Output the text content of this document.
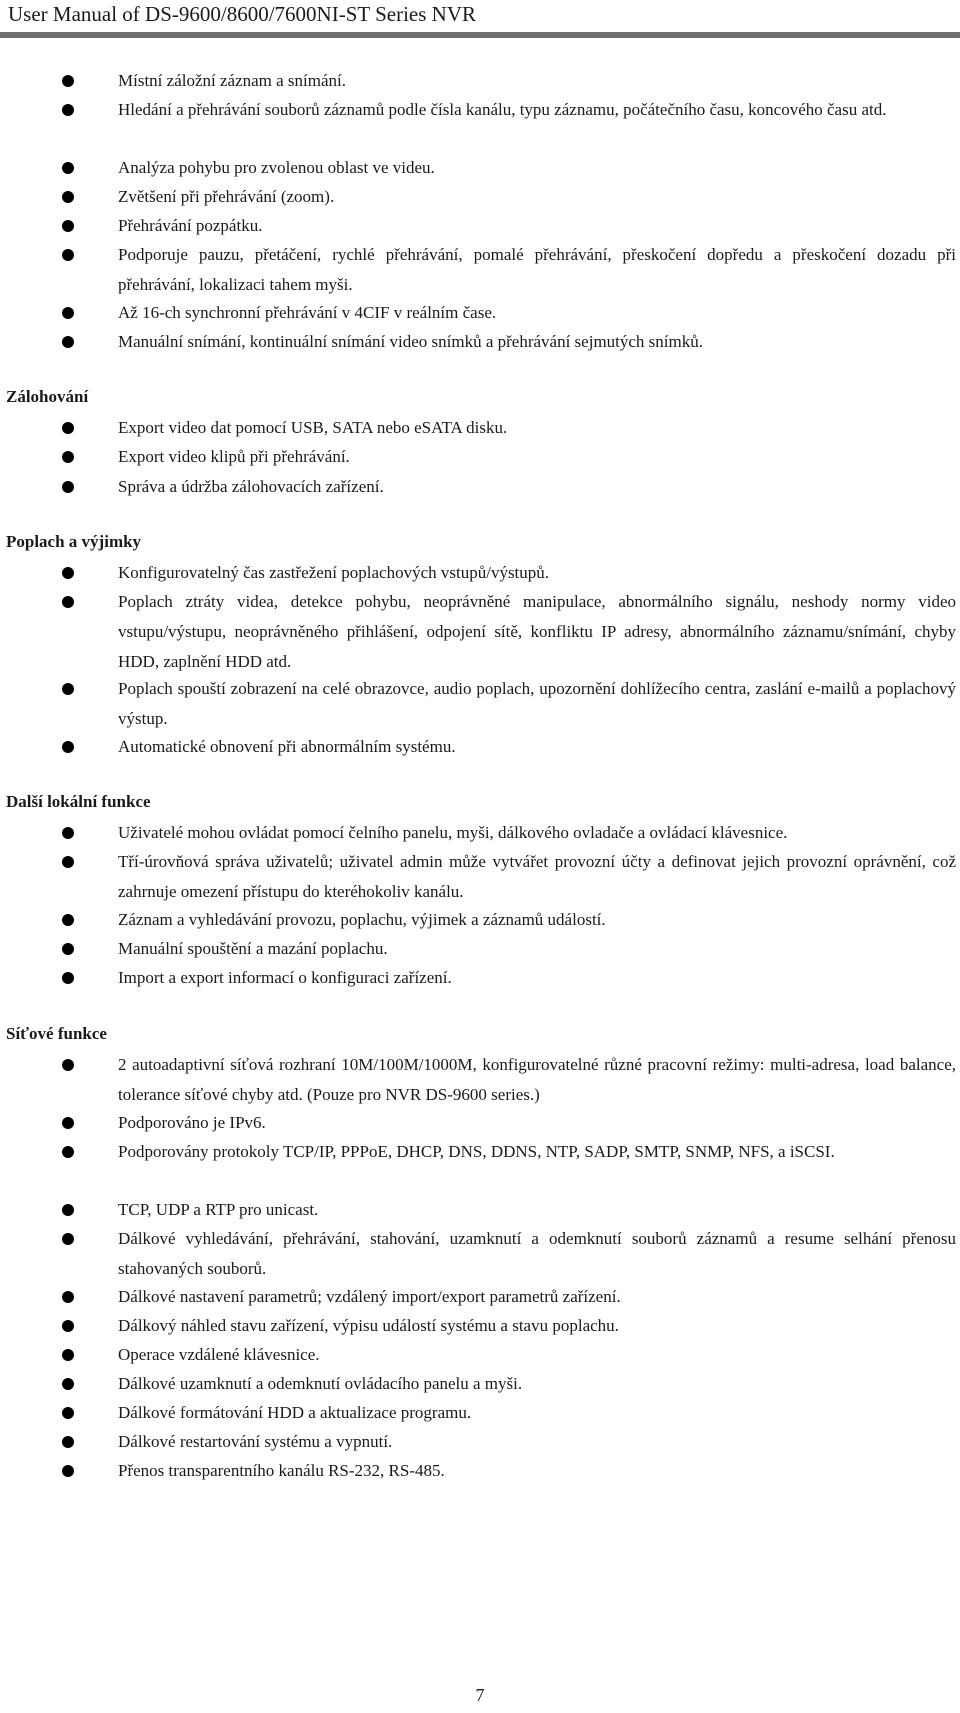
User Manual of DS-9600/8600/7600NI-ST Series NVR
Místní záložní záznam a snímání.
Hledání a přehrávání souborů záznamů podle čísla kanálu, typu záznamu, počátečního času, koncového času atd.
Analýza pohybu pro zvolenou oblast ve videu.
Zvětšení při přehrávání (zoom).
Přehrávání pozpátku.
Podporuje pauzu, přetáčení, rychlé přehrávání, pomalé přehrávání, přeskočení dopředu a přeskočení dozadu při přehrávání, lokalizaci tahem myši.
Až 16-ch synchronní přehrávání v 4CIF v reálním čase.
Manuální snímání, kontinuální snímání video snímků a přehrávání sejmutých snímků.
Zálohování
Export video dat pomocí USB, SATA nebo eSATA disku.
Export video klipů při přehrávání.
Správa a údržba zálohovacích zařízení.
Poplach a výjimky
Konfigurovatelný čas zastřežení poplachových vstupů/výstupů.
Poplach ztráty videa, detekce pohybu, neoprávněné manipulace, abnormálního signálu, neshody normy video vstupu/výstupu, neoprávněného přihlášení, odpojení sítě, konfliktu IP adresy, abnormálního záznamu/snímání, chyby HDD, zaplnění HDD atd.
Poplach spouští zobrazení na celé obrazovce, audio poplach, upozornění dohlížecího centra, zaslání e-mailů a poplachový výstup.
Automatické obnovení při abnormálním systému.
Další lokální funkce
Uživatelé mohou ovládat pomocí čelního panelu, myši, dálkového ovladače a ovládací klávesnice.
Tří-úrovňová správa uživatelů; uživatel admin může vytvářet provozní účty a definovat jejich provozní oprávnění, což zahrnuje omezení přístupu do kteréhokoliv kanálu.
Záznam a vyhledávání provozu, poplachu, výjimek a záznamů událostí.
Manuální spouštění a mazání poplachu.
Import a export informací o konfiguraci zařízení.
Síťové funkce
2 autoadaptivní síťová rozhraní 10M/100M/1000M, konfigurovatelné různé pracovní režimy: multi-adresa, load balance, tolerance síťové chyby atd. (Pouze pro NVR DS-9600 series.)
Podporováno je IPv6.
Podporovány protokoly TCP/IP, PPPoE, DHCP, DNS, DDNS, NTP, SADP, SMTP, SNMP, NFS, a iSCSI.
TCP, UDP a RTP pro unicast.
Dálkové vyhledávání, přehrávání, stahování, uzamknutí a odemknutí souborů záznamů a resume selhání přenosu stahovaných souborů.
Dálkové nastavení parametrů; vzdálený import/export parametrů zařízení.
Dálkový náhled stavu zařízení, výpisu událostí systému a stavu poplachu.
Operace vzdálené klávesnice.
Dálkové uzamknutí a odemknutí ovládacího panelu a myši.
Dálkové formátování HDD a aktualizace programu.
Dálkové restartování systému a vypnutí.
Přenos transparentního kanálu RS-232, RS-485.
7
